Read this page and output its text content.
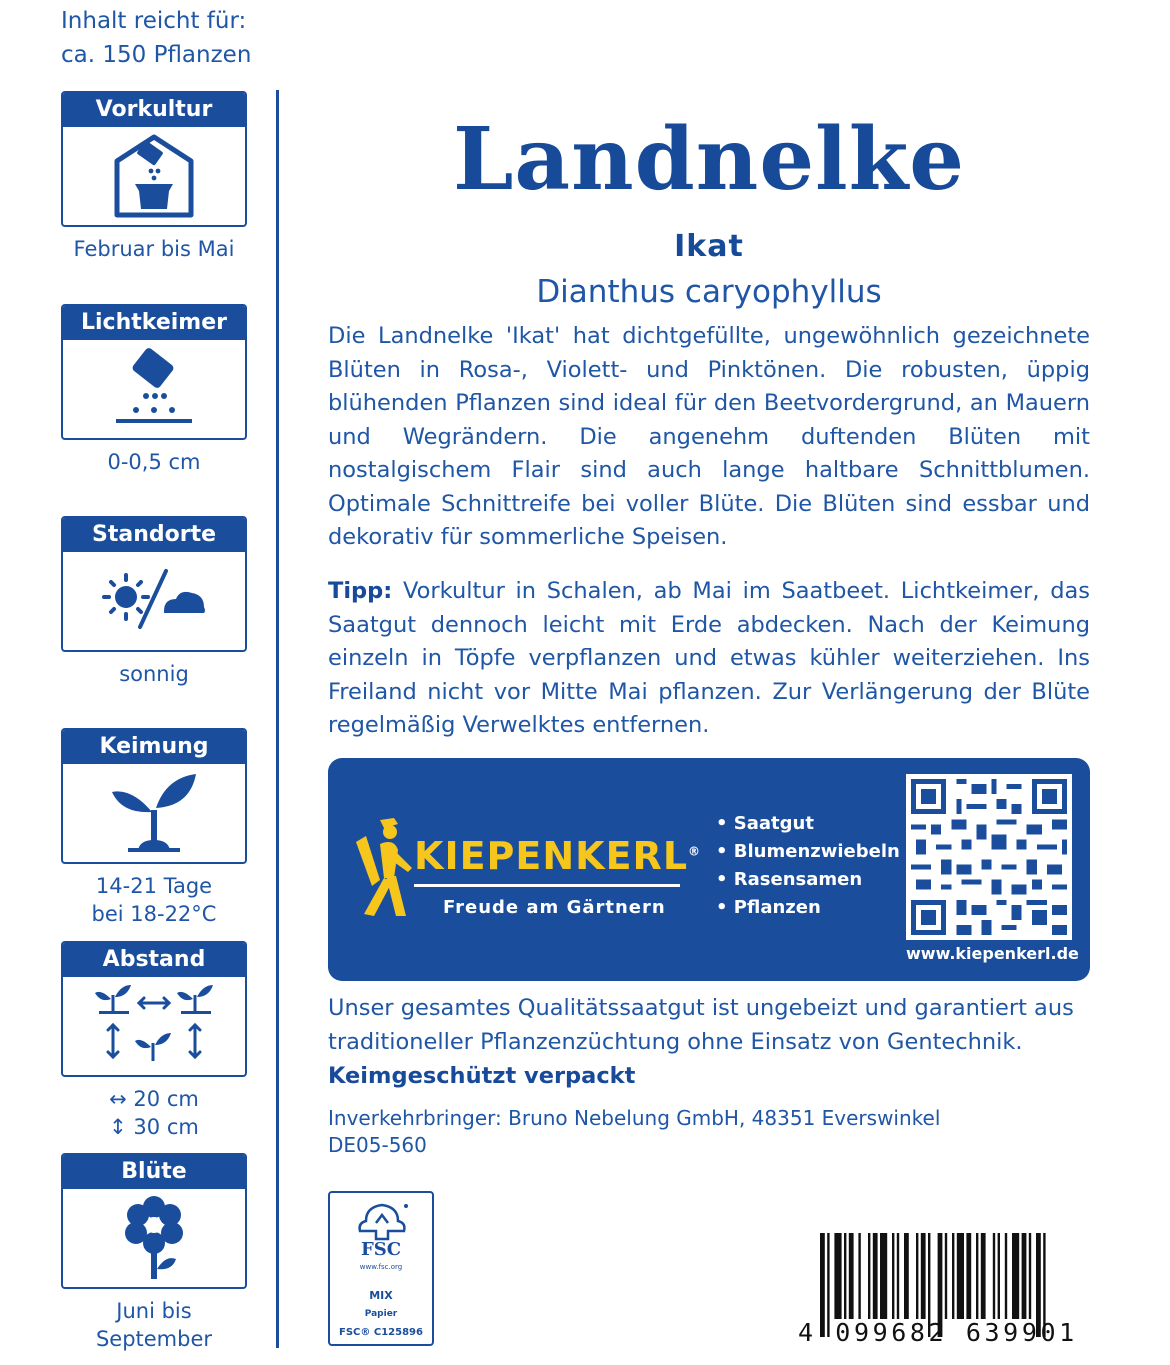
Inhalt reicht für:
ca. 150 Pflanzen
Vorkultur
Februar bis Mai
Lichtkeimer
0-0,5 cm
Standorte
sonnig
Keimung
14-21 Tage
bei 18-22°C
Abstand
↔ 20 cm
↕ 30 cm
Blüte
Juni bis
September
Landnelke
Ikat
Dianthus caryophyllus

Die Landnelke 'Ikat' hat dichtgefüllte, ungewöhnlich gezeichnete Blüten in Rosa-, Violett- und Pinktönen. Die robusten, üppig blühenden Pflanzen sind ideal für den Beetvordergrund, an Mauern und Wegrändern. Die angenehm duftenden Blüten mit nostalgischem Flair sind auch lange haltbare Schnittblumen. Optimale Schnittreife bei voller Blüte. Die Blüten sind essbar und dekorativ für sommerliche Speisen.

Tipp: Vorkultur in Schalen, ab Mai im Saatbeet. Lichtkeimer, das Saatgut dennoch leicht mit Erde abdecken. Nach der Keimung einzeln in Töpfe verpflanzen und etwas kühler weiterziehen. Ins Freiland nicht vor Mitte Mai pflanzen. Zur Verlängerung der Blüte regelmäßig Verwelktes entfernen.

KIEPENKERL®
Freude am Gärtnern
• Saatgut
• Blumenzwiebeln
• Rasensamen
• Pflanzen
www.kiepenkerl.de
Unser gesamtes Qualitätssaatgut ist ungebeizt und garantiert aus traditioneller Pflanzenzüchtung ohne Einsatz von Gentechnik.
Keimgeschützt verpackt
Inverkehrbringer: Bruno Nebelung GmbH, 48351 Everswinkel
DE05-560
FSC
www.fsc.org
MIX
Papier
FSC® C125896	4 099682 639901
